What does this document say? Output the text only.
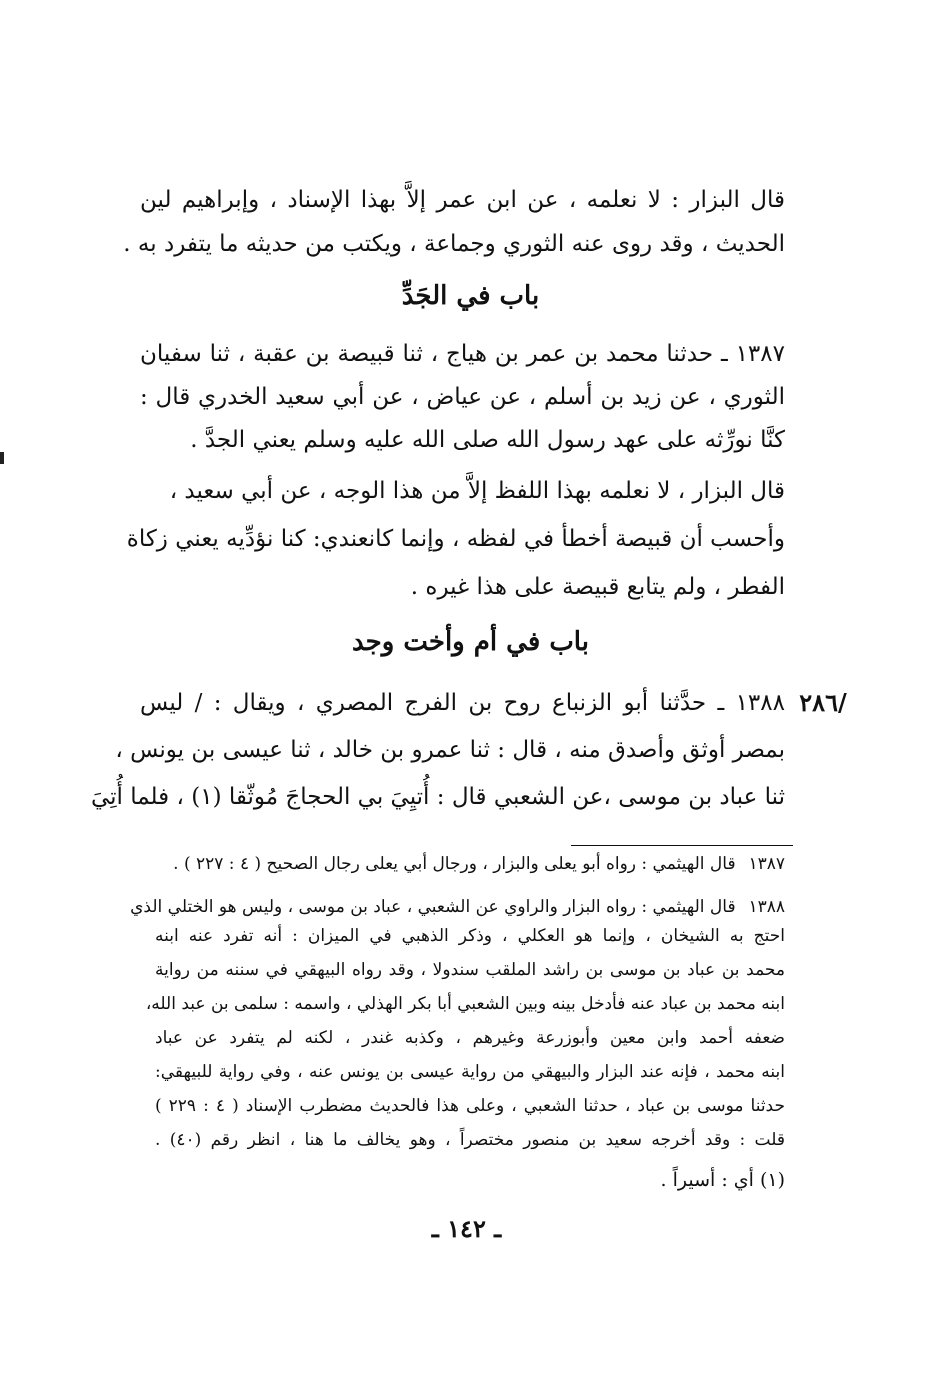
قال البزار : لا نعلمه ، عن ابن عمر إلاَّ بهذا الإسناد ، وإبراهيم لين
الحديث ، وقد روى عنه الثوري وجماعة ، ويكتب من حديثه ما يتفرد به .
باب في الجَدِّ
١٣٨٧ ـ حدثنا محمد بن عمر بن هياج ، ثنا قبيصة بن عقبة ، ثنا سفيان
الثوري ، عن زيد بن أسلم ، عن عياض ، عن أبي سعيد الخدري قال :
كنَّا نورِّثه على عهد رسول الله صلى الله عليه وسلم يعني الجدَّ .
قال البزار ، لا نعلمه بهذا اللفظ إلاَّ من هذا الوجه ، عن أبي سعيد ،
وأحسب أن قبيصة أخطأ في لفظه ، وإنما كانعندي: كنا نؤدِّيه يعني زكاة
الفطر ، ولم يتابع قبيصة على هذا غيره .
باب في أم وأخت وجد
٢٨٦/
١٣٨٨ ـ حدَّثنا أبو الزنباع روح بن الفرج المصري ، ويقال : / ليس
بمصر أوثق وأصدق منه ، قال : ثنا عمرو بن خالد ، ثنا عيسى بن يونس ،
ثنا عباد بن موسى ،عن الشعبي قال : أُتيِيَ بي الحجاجَ مُوثّقا (١) ، فلما أُتِيَ
١٣٨٧ قال الهيثمي : رواه أبو يعلى والبزار ، ورجال أبي يعلى رجال الصحيح ( ٤ : ٢٢٧ ) .
١٣٨٨ قال الهيثمي : رواه البزار والراوي عن الشعبي ، عباد بن موسى ، وليس هو الختلي الذي
احتج به الشيخان ، وإنما هو العكلي ، وذكر الذهبي في الميزان : أنه تفرد عنه ابنه
محمد بن عباد بن موسى بن راشد الملقب سندولا ، وقد رواه البيهقي في سننه من رواية
ابنه محمد بن عباد عنه فأدخل بينه وبين الشعبي أبا بكر الهذلي ، واسمه : سلمى بن عبد الله،
ضعفه أحمد وابن معين وأبوزرعة وغيرهم ، وكذبه غندر ، لكنه لم يتفرد عن عباد
ابنه محمد ، فإنه عند البزار والبيهقي من رواية عيسى بن يونس عنه ، وفي رواية للبيهقي:
حدثنا موسى بن عباد ، حدثنا الشعبي ، وعلى هذا فالحديث مضطرب الإسناد ( ٤ : ٢٢٩ )
قلت : وقد أخرجه سعيد بن منصور مختصراً ، وهو يخالف ما هنا ، انظر رقم (٤٠) .
(١) أي : أسيراً .
ـ ١٤٢ ـ
